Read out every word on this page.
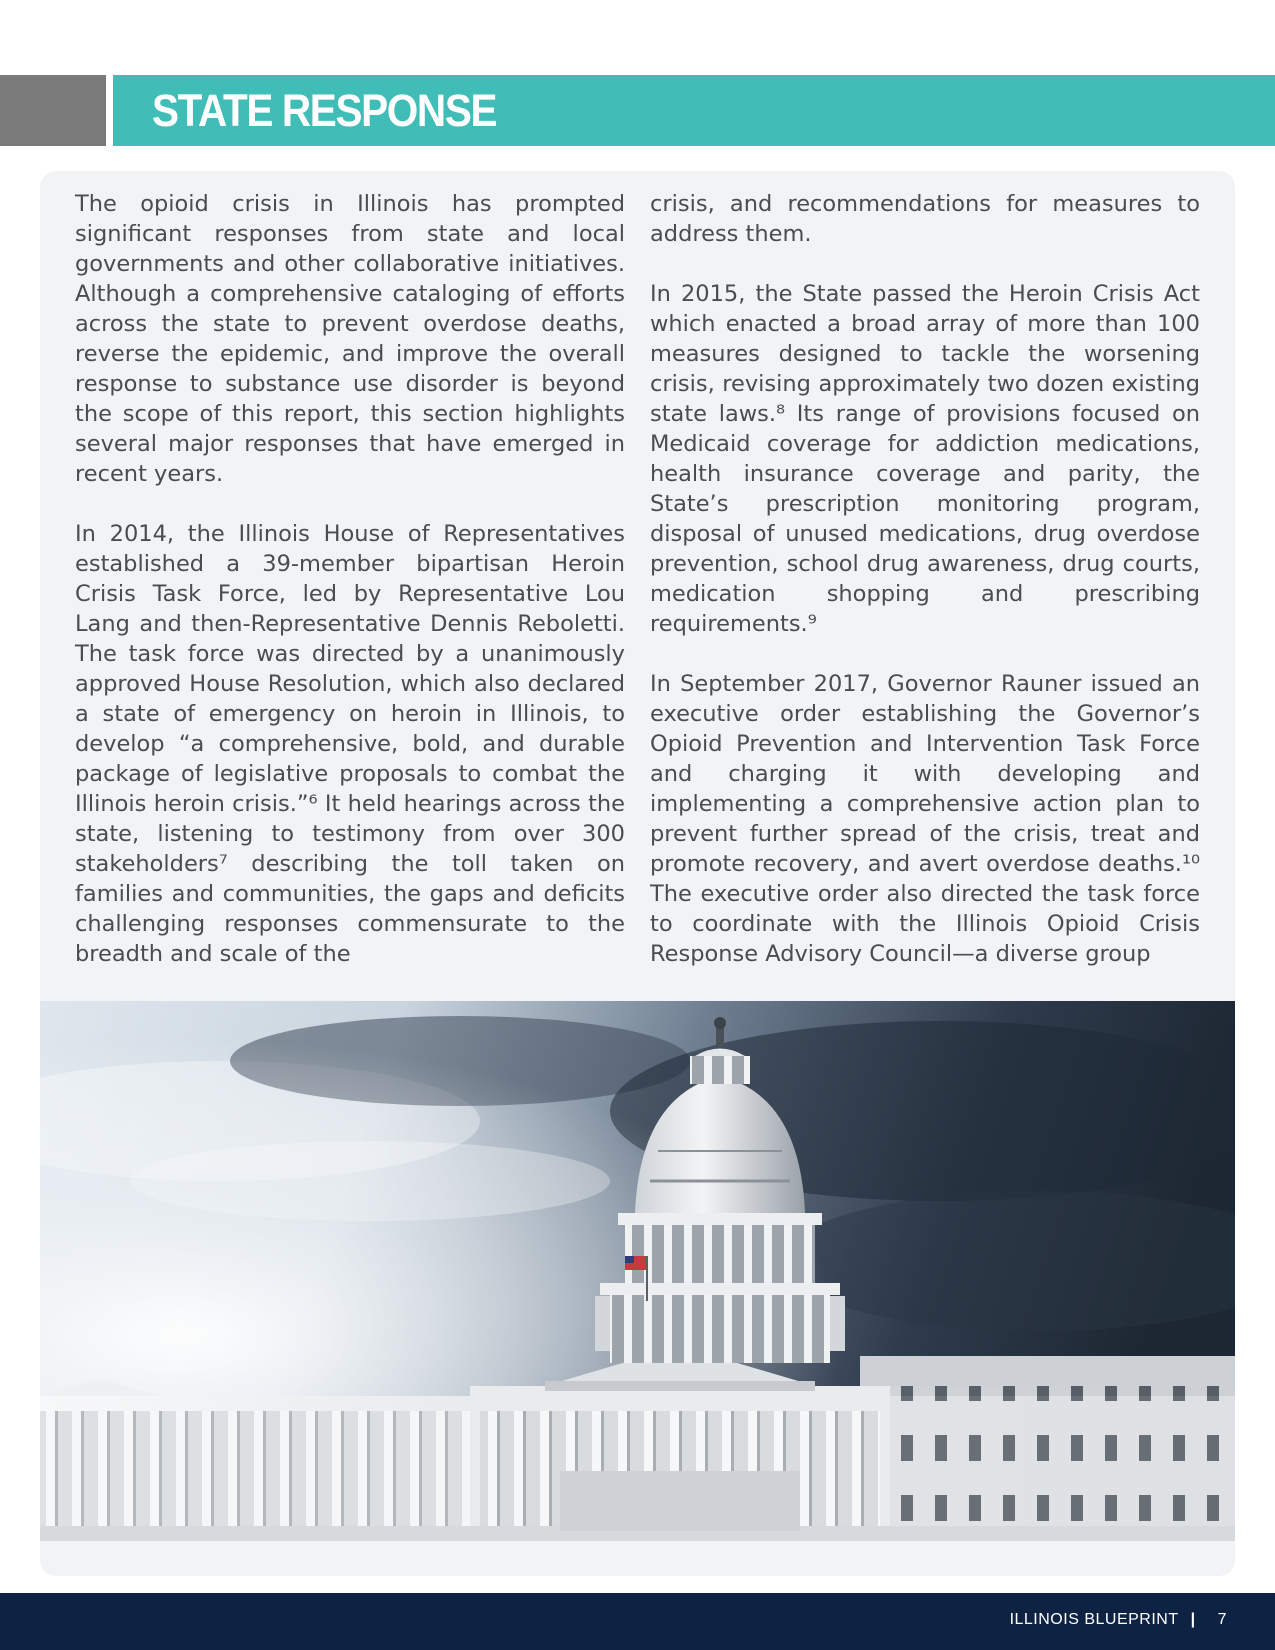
STATE RESPONSE

The opioid crisis in Illinois has prompted significant responses from state and local governments and other collaborative initiatives. Although a comprehensive cataloging of efforts across the state to prevent overdose deaths, reverse the epidemic, and improve the overall response to substance use disorder is beyond the scope of this report, this section highlights several major responses that have emerged in recent years.

In 2014, the Illinois House of Representatives established a 39-member bipartisan Heroin Crisis Task Force, led by Representative Lou Lang and then-Representative Dennis Reboletti. The task force was directed by a unanimously approved House Resolution, which also declared a state of emergency on heroin in Illinois, to develop “a comprehensive, bold, and durable package of legislative proposals to combat the Illinois heroin crisis.”⁶ It held hearings across the state, listening to testimony from over 300 stakeholders⁷ describing the toll taken on families and communities, the gaps and deficits challenging responses commensurate to the breadth and scale of the

crisis, and recommendations for measures to address them.

In 2015, the State passed the Heroin Crisis Act which enacted a broad array of more than 100 measures designed to tackle the worsening crisis, revising approximately two dozen existing state laws.⁸ Its range of provisions focused on Medicaid coverage for addiction medications, health insurance coverage and parity, the State’s prescription monitoring program, disposal of unused medications, drug overdose prevention, school drug awareness, drug courts, medication shopping and prescribing requirements.⁹

In September 2017, Governor Rauner issued an executive order establishing the Governor’s Opioid Prevention and Intervention Task Force and charging it with developing and implementing a comprehensive action plan to prevent further spread of the crisis, treat and promote recovery, and avert overdose deaths.¹⁰ The executive order also directed the task force to coordinate with the Illinois Opioid Crisis Response Advisory Council—a diverse group

ILLINOIS BLUEPRINT | 7
